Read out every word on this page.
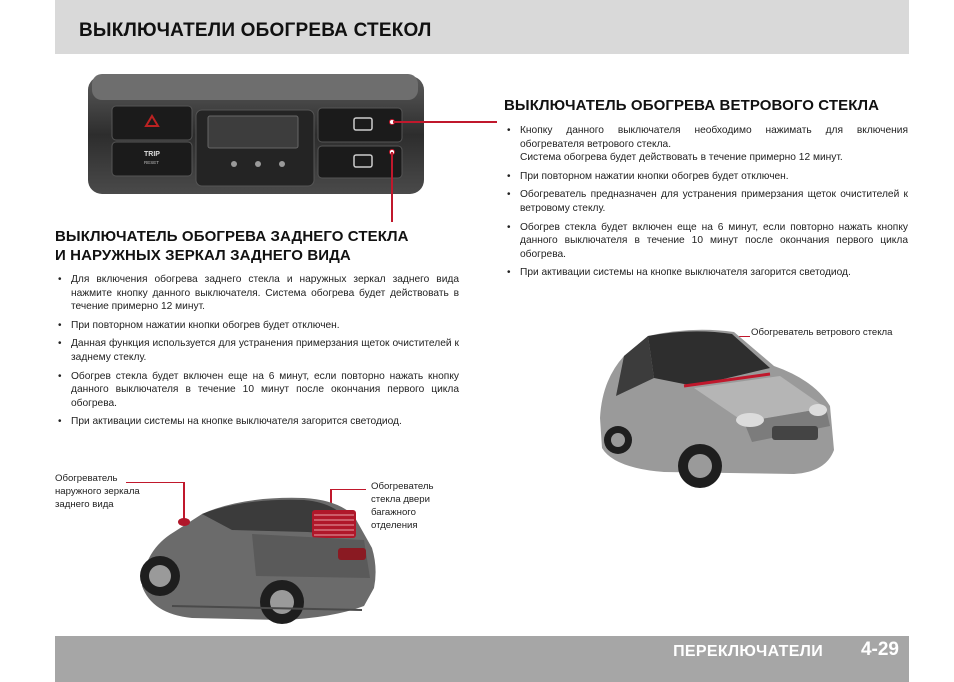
ВЫКЛЮЧАТЕЛИ ОБОГРЕВА СТЕКОЛ
TRIP
RESET
ВЫКЛЮЧАТЕЛЬ ОБОГРЕВА ЗАДНЕГО СТЕКЛА
И НАРУЖНЫХ ЗЕРКАЛ ЗАДНЕГО ВИДА
• Для включения обогрева заднего стекла и наружных зеркал заднего вида нажмите кнопку данного выключателя. Система обогрева будет действовать в течение примерно 12 минут.
• При повторном нажатии кнопки обогрев будет отключен.
• Данная функция используется для устранения примерзания щеток очистителей к заднему стеклу.
• Обогрев стекла будет включен еще на 6 минут, если повторно нажать кнопку данного выключателя в течение 10 минут после окончания первого цикла обогрева.
• При активации системы на кнопке выключателя загорится светодиод.
Обогреватель наружного зеркала заднего вида
Обогреватель стекла двери багажного отделения
ВЫКЛЮЧАТЕЛЬ ОБОГРЕВА ВЕТРОВОГО СТЕКЛА
• Кнопку данного выключателя необходимо нажимать для включения обогревателя ветрового стекла.
Система обогрева будет действовать в течение примерно 12 минут.
• При повторном нажатии кнопки обогрев будет отключен.
• Обогреватель предназначен для устранения примерзания щеток очистителей к ветровому стеклу.
• Обогрев стекла будет включен еще на 6 минут, если повторно нажать кнопку данного выключателя в течение 10 минут после окончания первого цикла обогрева.
• При активации системы на кнопке выключателя загорится светодиод.
Обогреватель ветрового стекла
ПЕРЕКЛЮЧАТЕЛИ 4-29
